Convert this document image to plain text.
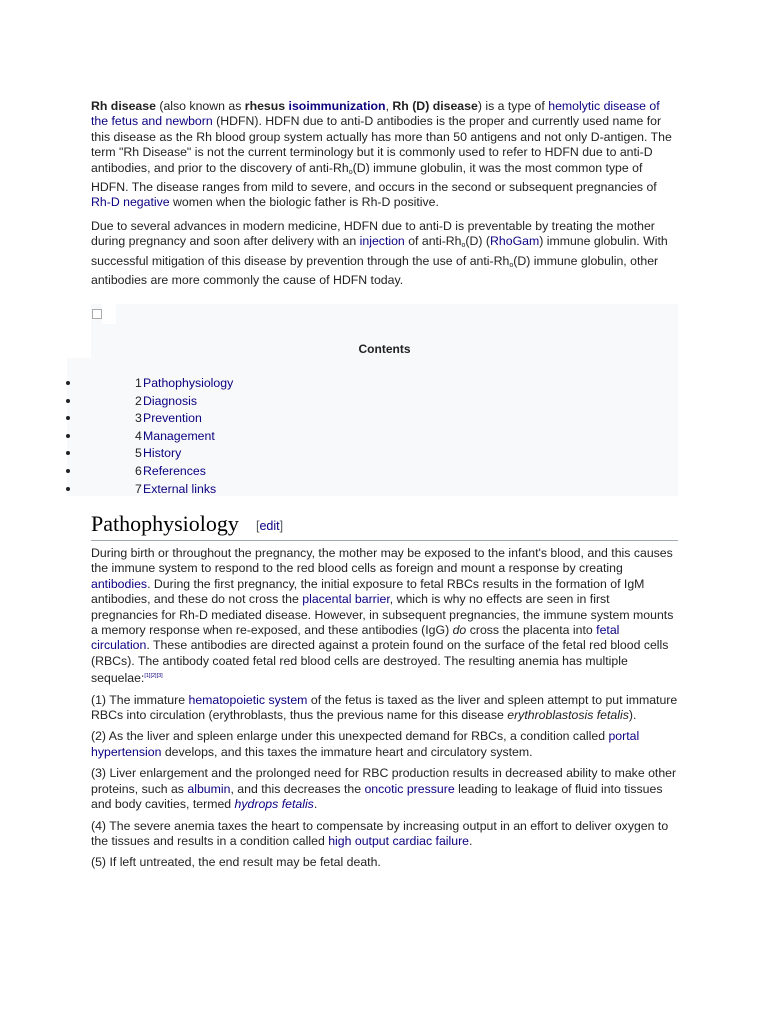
Rh disease (also known as rhesus isoimmunization, Rh (D) disease) is a type of hemolytic disease of the fetus and newborn (HDFN). HDFN due to anti-D antibodies is the proper and currently used name for this disease as the Rh blood group system actually has more than 50 antigens and not only D-antigen. The term "Rh Disease" is not the current terminology but it is commonly used to refer to HDFN due to anti-D antibodies, and prior to the discovery of anti-$Rh_o(D)$ immune globulin, it was the most common type of HDFN. The disease ranges from mild to severe, and occurs in the second or subsequent pregnancies of Rh-D negative women when the biologic father is Rh-D positive.

Due to several advances in modern medicine, HDFN due to anti-D is preventable by treating the mother during pregnancy and soon after delivery with an injection of anti-$Rh_o(D)$ (RhoGam) immune globulin. With successful mitigation of this disease by prevention through the use of anti-$Rh_o(D)$ immune globulin, other antibodies are more commonly the cause of HDFN today.

Contents
1 Pathophysiology
2 Diagnosis
3 Prevention
4 Management
5 History
6 References
7 External links
Pathophysiology [edit]

During birth or throughout the pregnancy, the mother may be exposed to the infant's blood, and this causes the immune system to respond to the red blood cells as foreign and mount a response by creating antibodies. During the first pregnancy, the initial exposure to fetal RBCs results in the formation of IgM antibodies, and these do not cross the placental barrier, which is why no effects are seen in first pregnancies for Rh-D mediated disease. However, in subsequent pregnancies, the immune system mounts a memory response when re-exposed, and these antibodies (IgG) do cross the placenta into fetal circulation. These antibodies are directed against a protein found on the surface of the fetal red blood cells (RBCs). The antibody coated fetal red blood cells are destroyed. The resulting anemia has multiple sequelae:[1][2][3]

(1) The immature hematopoietic system of the fetus is taxed as the liver and spleen attempt to put immature RBCs into circulation (erythroblasts, thus the previous name for this disease erythroblastosis fetalis).

(2) As the liver and spleen enlarge under this unexpected demand for RBCs, a condition called portal hypertension develops, and this taxes the immature heart and circulatory system.

(3) Liver enlargement and the prolonged need for RBC production results in decreased ability to make other proteins, such as albumin, and this decreases the oncotic pressure leading to leakage of fluid into tissues and body cavities, termed hydrops fetalis.

(4) The severe anemia taxes the heart to compensate by increasing output in an effort to deliver oxygen to the tissues and results in a condition called high output cardiac failure.

(5) If left untreated, the end result may be fetal death.
